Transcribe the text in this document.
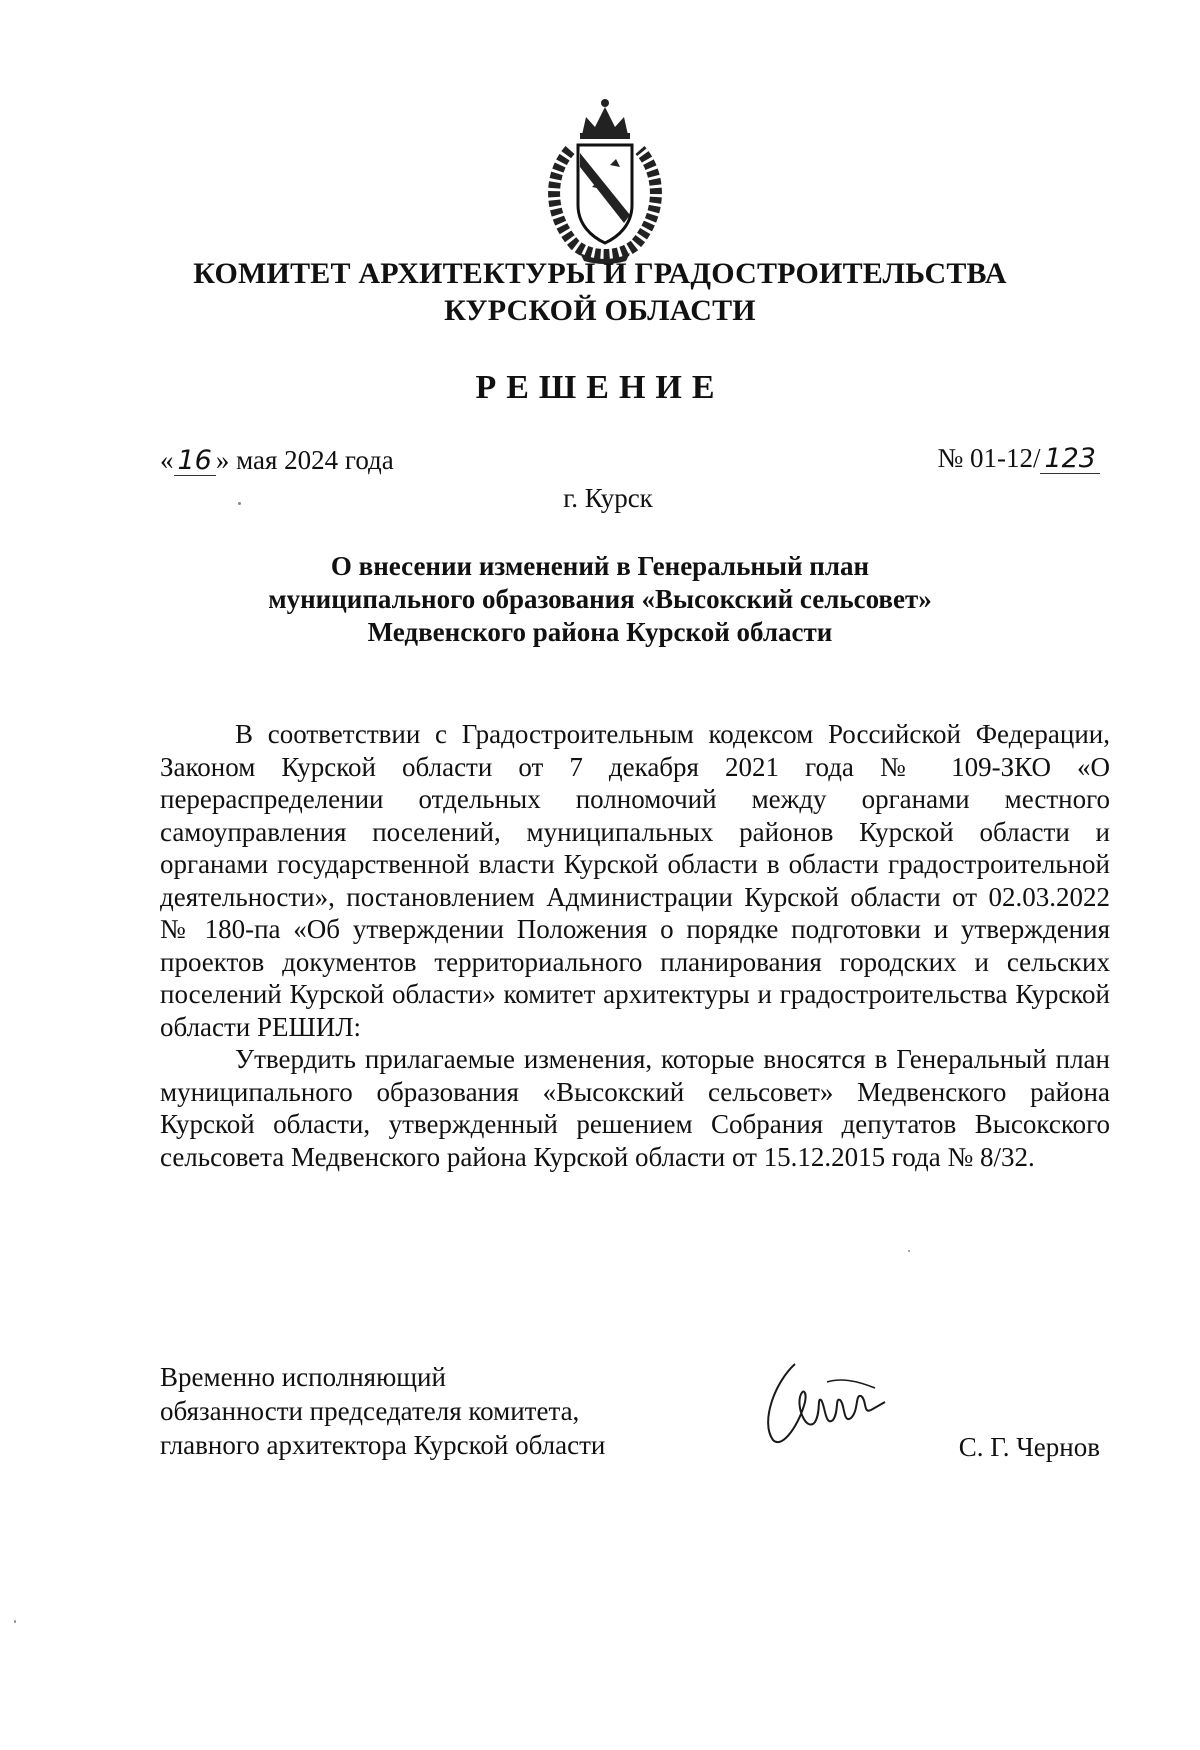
КОМИТЕТ АРХИТЕКТУРЫ И ГРАДОСТРОИТЕЛЬСТВА
КУРСКОЙ ОБЛАСТИ
РЕШЕНИЕ
« 16 » мая 2024 года	№ 01-12/ 123
г. Курск
О внесении изменений в Генеральный план
муниципального образования «Высокский сельсовет»
Медвенского района Курской области

В соответствии с Градостроительным кодексом Российской Федерации, Законом Курской области от 7 декабря 2021 года № 109-ЗКО «О перераспределении отдельных полномочий между органами местного самоуправления поселений, муниципальных районов Курской области и органами государственной власти Курской области в области градостроительной деятельности», постановлением Администрации Курской области от 02.03.2022 № 180-па «Об утверждении Положения о порядке подготовки и утверждения проектов документов территориального планирования городских и сельских поселений Курской области» комитет архитектуры и градостроительства Курской области РЕШИЛ:

Утвердить прилагаемые изменения, которые вносятся в Генеральный план муниципального образования «Высокский сельсовет» Медвенского района Курской области, утвержденный решением Собрания депутатов Высокского сельсовета Медвенского района Курской области от 15.12.2015 года № 8/32.

Временно исполняющий
обязанности председателя комитета,
главного архитектора Курской области	С. Г. Чернов
